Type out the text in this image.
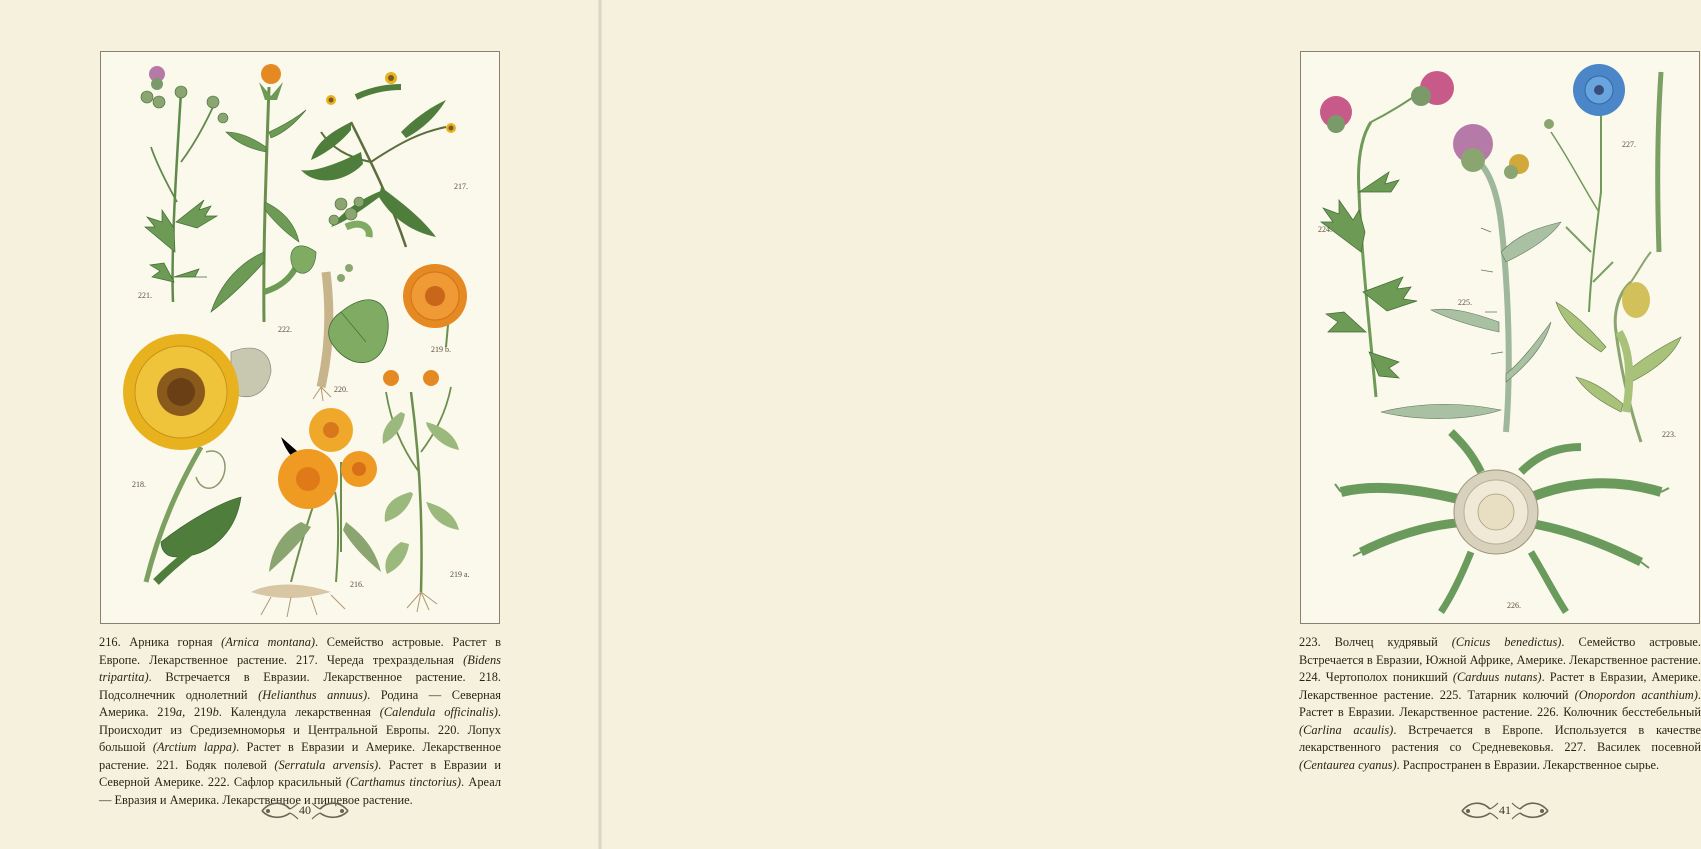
221.
222.
217.
220.
219 b.
218.
216.
219 a.
216. Арника горная (Arnica montana). Семейство астровые. Растет в Европе. Лекарственное растение. 217. Череда трехраздельная (Bidens tripartita). Встречается в Евразии. Лекарственное растение. 218. Подсолнечник однолетний (Helianthus annuus). Родина — Северная Америка. 219a, 219b. Календула лекарственная (Calendula officinalis). Происходит из Средиземноморья и Центральной Европы. 220. Лопух большой (Arctium lappa). Растет в Евразии и Америке. Лекарственное растение. 221. Бодяк полевой (Serratula arvensis). Растет в Евразии и Северной Америке. 222. Сафлор красильный (Carthamus tinctorius). Ареал — Евразия и Америка. Лекарственное и пищевое растение.
40
224.
225.
227.
223.
226.
223. Волчец кудрявый (Cnicus benedictus). Семейство астровые. Встречается в Евразии, Южной Африке, Америке. Лекарственное растение. 224. Чертополох поникший (Carduus nutans). Растет в Евразии, Америке. Лекарственное растение. 225. Татарник колючий (Onopordon acanthium). Растет в Евразии. Лекарственное растение. 226. Колючник бесстебельный (Carlina acaulis). Встречается в Европе. Используется в качестве лекарственного растения со Средневековья. 227. Василек посевной (Centaurea cyanus). Распространен в Евразии. Лекарственное сырье.
41
